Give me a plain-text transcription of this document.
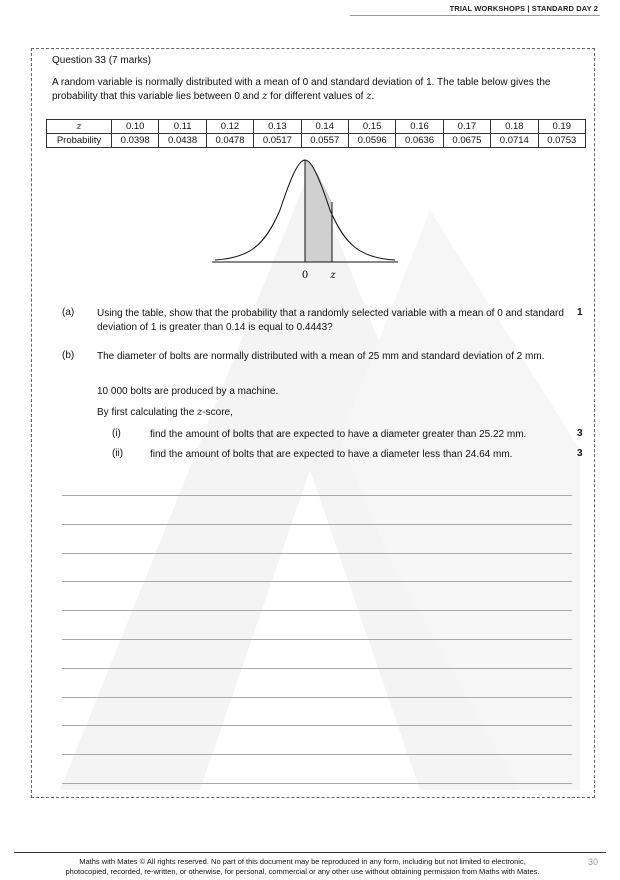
TRIAL WORKSHOPS | STANDARD DAY 2
Question 33 (7 marks)
A random variable is normally distributed with a mean of 0 and standard deviation of 1. The table below gives the probability that this variable lies between 0 and z for different values of z.
z	0.10	0.11	0.12	0.13	0.14	0.15	0.16	0.17	0.18	0.19
Probability	0.0398	0.0438	0.0478	0.0517	0.0557	0.0596	0.0636	0.0675	0.0714	0.0753
0 z
(a) Using the table, show that the probability that a randomly selected variable with a mean of 0 and standard deviation of 1 is greater than 0.14 is equal to 0.4443?
1
(b) The diameter of bolts are normally distributed with a mean of 25 mm and standard deviation of 2 mm.
10 000 bolts are produced by a machine.
By first calculating the z-score,
(i)	find the amount of bolts that are expected to have a diameter greater than 25.22 mm.	3
(ii)	find the amount of bolts that are expected to have a diameter less than 24.64 mm.	3
Maths with Mates © All rights reserved. No part of this document may be reproduced in any form, including but not limited to electronic,
photocopied, recorded, re-written, or otherwise, for personal, commercial or any other use without obtaining permission from Maths with Mates.
30
